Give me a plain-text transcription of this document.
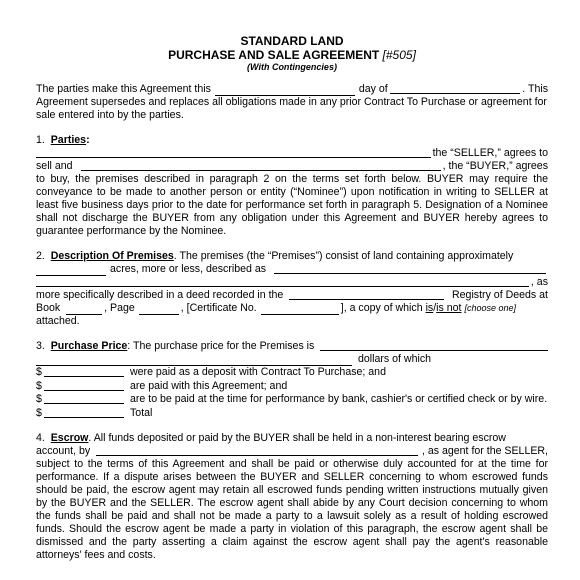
STANDARD LAND
PURCHASE AND SALE AGREEMENT [#505]
(With Contingencies)
The parties make this Agreement this	day of	. This

Agreement supersedes and replaces all obligations made in any prior Contract To Purchase or agreement for

sale entered into by the parties.

1. Parties:

the “SELLER,” agrees to
sell and	, the “BUYER,” agrees

to buy, the premises described in paragraph 2 on the terms set forth below. BUYER may require the conveyance to be made to another person or entity (“Nominee”) upon notification in writing to SELLER at least five business days prior to the date for performance set forth in paragraph 5. Designation of a Nominee shall not discharge the BUYER from any obligation under this Agreement and BUYER hereby agrees to guarantee performance by the Nominee.

2. Description Of Premises. The premises (the “Premises”) consist of land containing approximately

acres, more or less, described as
, as
more specifically described in a deed recorded in the	Registry of Deeds at
Book	, Page	, [Certificate No.	], a copy of which
is / is not
[choose one]

attached.

3.
Purchase Price : The purchase price for the Premises is
dollars of which
$	were paid as a deposit with Contract To Purchase; and
$	are paid with this Agreement; and
$	are to be paid at the time for performance by bank, cashier's or certified check or by wire.
$	Total

4. Escrow. All funds deposited or paid by the BUYER shall be held in a non-interest bearing escrow

account, by	, as agent for the SELLER,

subject to the terms of this Agreement and shall be paid or otherwise duly accounted for at the time for performance. If a dispute arises between the BUYER and SELLER concerning to whom escrowed funds should be paid, the escrow agent may retain all escrowed funds pending written instructions mutually given by the BUYER and the SELLER. The escrow agent shall abide by any Court decision concerning to whom the funds shall be paid and shall not be made a party to a lawsuit solely as a result of holding escrowed funds. Should the escrow agent be made a party in violation of this paragraph, the escrow agent shall be dismissed and the party asserting a claim against the escrow agent shall pay the agent's reasonable attorneys' fees and costs.
